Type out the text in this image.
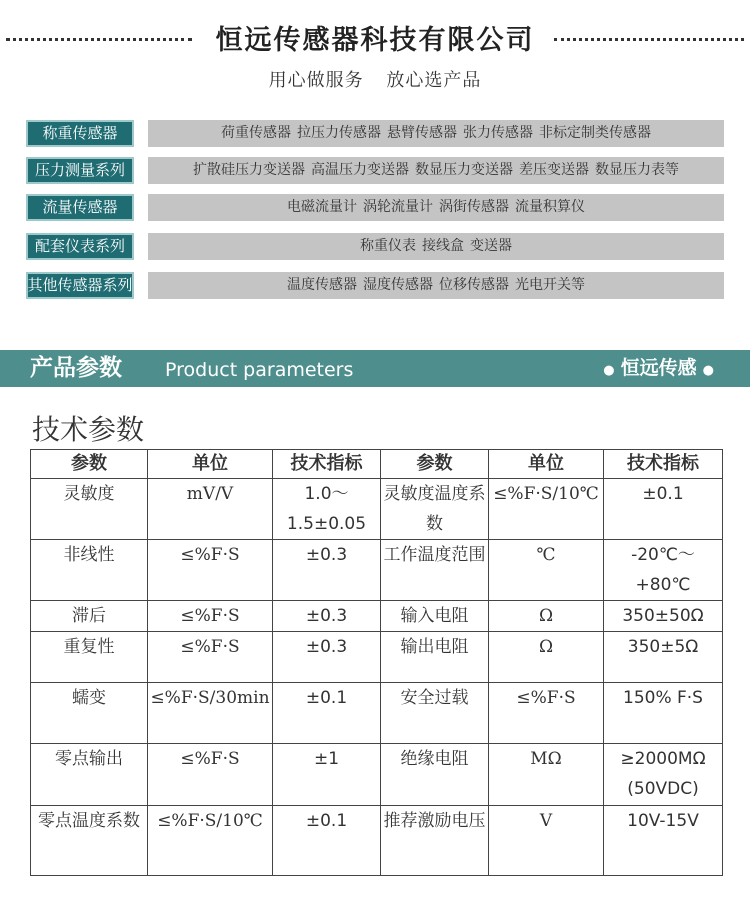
恒远传感器科技有限公司
用心做服务 放心选产品
称重传感器	荷重传感器 拉压力传感器 悬臂传感器 张力传感器 非标定制类传感器
压力测量系列	扩散硅压力变送器 高温压力变送器 数显压力变送器 差压变送器 数显压力表等
流量传感器	电磁流量计 涡轮流量计 涡街传感器 流量积算仪
配套仪表系列	称重仪表 接线盒 变送器
其他传感器系列	温度传感器 湿度传感器 位移传感器 光电开关等
产品参数 Product parameters	● 恒远传感 ●
技术参数
参数	单位	技术指标	参数	单位	技术指标
灵敏度	mV/V	1.0～1.5±0.05	灵敏度温度系数	≤%F·S/10℃	±0.1
非线性	≤%F·S	±0.3	工作温度范围	℃	-20℃～+80℃
滞后	≤%F·S	±0.3	输入电阻	Ω	350±50Ω
重复性	≤%F·S	±0.3	输出电阻	Ω	350±5Ω
蠕变	≤%F·S/30min	±0.1	安全过载	≤%F·S	150% F·S
零点输出	≤%F·S	±1	绝缘电阻	MΩ	≥2000MΩ (50VDC)
零点温度系数	≤%F·S/10℃	±0.1	推荐激励电压	V	10V-15V
